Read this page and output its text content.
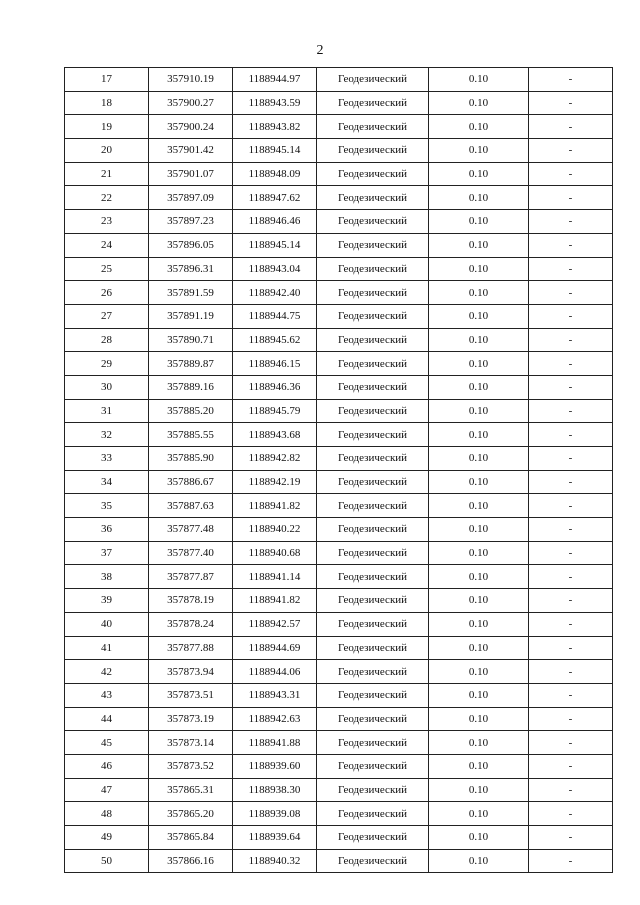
2
17	357910.19	1188944.97	Геодезический	0.10	-
18	357900.27	1188943.59	Геодезический	0.10	-
19	357900.24	1188943.82	Геодезический	0.10	-
20	357901.42	1188945.14	Геодезический	0.10	-
21	357901.07	1188948.09	Геодезический	0.10	-
22	357897.09	1188947.62	Геодезический	0.10	-
23	357897.23	1188946.46	Геодезический	0.10	-
24	357896.05	1188945.14	Геодезический	0.10	-
25	357896.31	1188943.04	Геодезический	0.10	-
26	357891.59	1188942.40	Геодезический	0.10	-
27	357891.19	1188944.75	Геодезический	0.10	-
28	357890.71	1188945.62	Геодезический	0.10	-
29	357889.87	1188946.15	Геодезический	0.10	-
30	357889.16	1188946.36	Геодезический	0.10	-
31	357885.20	1188945.79	Геодезический	0.10	-
32	357885.55	1188943.68	Геодезический	0.10	-
33	357885.90	1188942.82	Геодезический	0.10	-
34	357886.67	1188942.19	Геодезический	0.10	-
35	357887.63	1188941.82	Геодезический	0.10	-
36	357877.48	1188940.22	Геодезический	0.10	-
37	357877.40	1188940.68	Геодезический	0.10	-
38	357877.87	1188941.14	Геодезический	0.10	-
39	357878.19	1188941.82	Геодезический	0.10	-
40	357878.24	1188942.57	Геодезический	0.10	-
41	357877.88	1188944.69	Геодезический	0.10	-
42	357873.94	1188944.06	Геодезический	0.10	-
43	357873.51	1188943.31	Геодезический	0.10	-
44	357873.19	1188942.63	Геодезический	0.10	-
45	357873.14	1188941.88	Геодезический	0.10	-
46	357873.52	1188939.60	Геодезический	0.10	-
47	357865.31	1188938.30	Геодезический	0.10	-
48	357865.20	1188939.08	Геодезический	0.10	-
49	357865.84	1188939.64	Геодезический	0.10	-
50	357866.16	1188940.32	Геодезический	0.10	-
